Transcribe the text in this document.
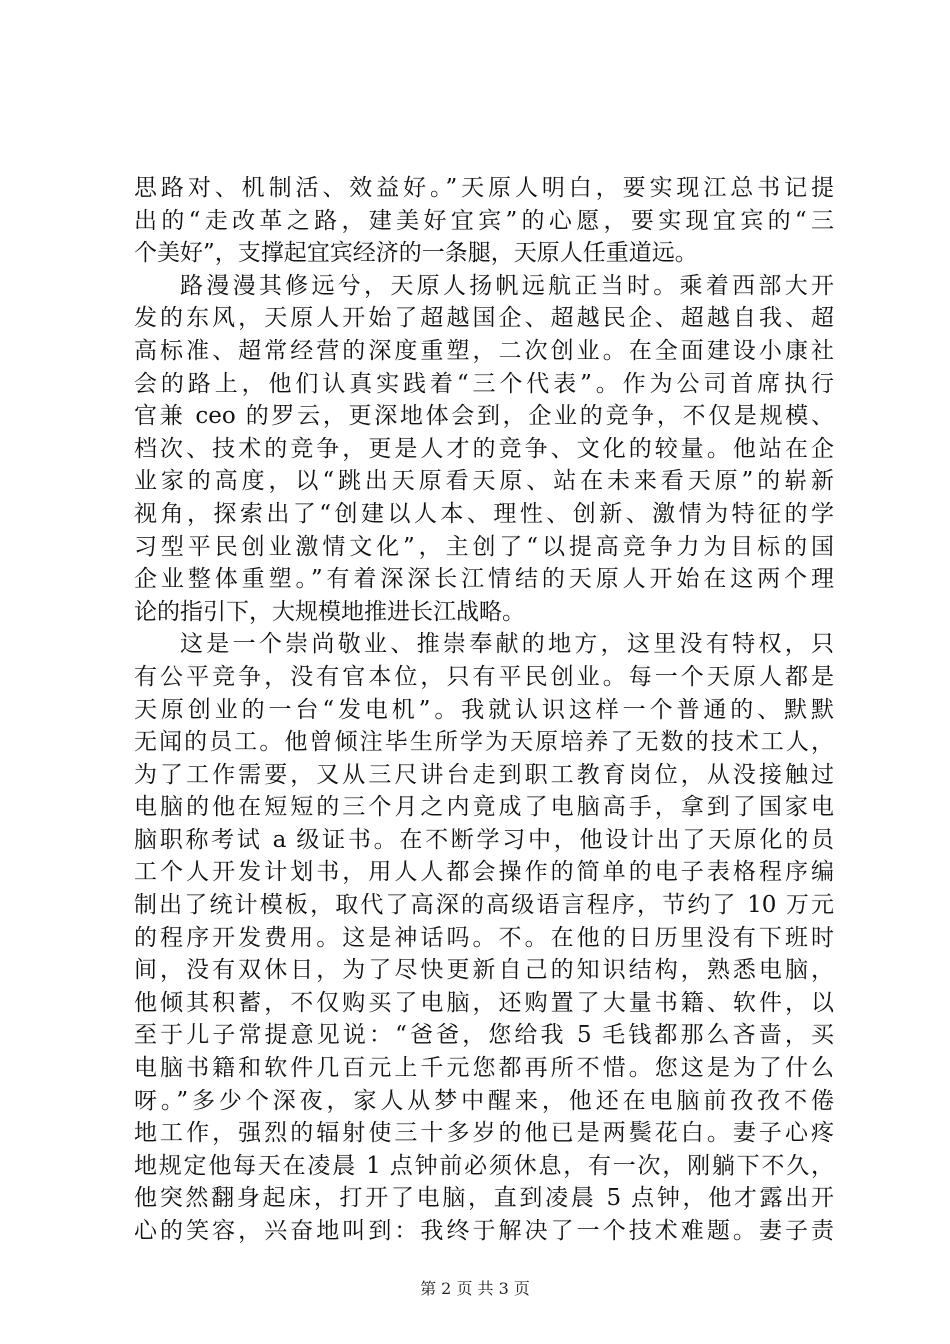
思路对、机制活、效益好。”天原人明白，要实现江总书记提
出的“走改革之路，建美好宜宾”的心愿，要实现宜宾的“三
个美好”，支撑起宜宾经济的一条腿，天原人任重道远。
路漫漫其修远兮，天原人扬帆远航正当时。乘着西部大开
发的东风，天原人开始了超越国企、超越民企、超越自我、超
高标准、超常经营的深度重塑，二次创业。在全面建设小康社
会的路上，他们认真实践着“三个代表”。作为公司首席执行
官兼 ceo 的罗云，更深地体会到，企业的竞争，不仅是规模、
档次、技术的竞争，更是人才的竞争、文化的较量。他站在企
业家的高度，以“跳出天原看天原、站在未来看天原”的崭新
视角，探索出了“创建以人本、理性、创新、激情为特征的学
习型平民创业激情文化”，主创了“以提高竞争力为目标的国
企业整体重塑。”有着深深长江情结的天原人开始在这两个理
论的指引下，大规模地推进长江战略。
这是一个崇尚敬业、推崇奉献的地方，这里没有特权，只
有公平竞争，没有官本位，只有平民创业。每一个天原人都是
天原创业的一台“发电机”。我就认识这样一个普通的、默默
无闻的员工。他曾倾注毕生所学为天原培养了无数的技术工人，
为了工作需要，又从三尺讲台走到职工教育岗位，从没接触过
电脑的他在短短的三个月之内竟成了电脑高手，拿到了国家电
脑职称考试 a 级证书。在不断学习中，他设计出了天原化的员
工个人开发计划书，用人人都会操作的简单的电子表格程序编
制出了统计模板，取代了高深的高级语言程序，节约了 10 万元
的程序开发费用。这是神话吗。不。在他的日历里没有下班时
间，没有双休日，为了尽快更新自己的知识结构，熟悉电脑，
他倾其积蓄，不仅购买了电脑，还购置了大量书籍、软件，以
至于儿子常提意见说：“爸爸，您给我 5 毛钱都那么吝啬，买
电脑书籍和软件几百元上千元您都再所不惜。您这是为了什么
呀。”多少个深夜，家人从梦中醒来，他还在电脑前孜孜不倦
地工作，强烈的辐射使三十多岁的他已是两鬓花白。妻子心疼
地规定他每天在凌晨 1 点钟前必须休息，有一次，刚躺下不久，
他突然翻身起床，打开了电脑，直到凌晨 5 点钟，他才露出开
心的笑容，兴奋地叫到：我终于解决了一个技术难题。妻子责
第 2 页 共 3 页
